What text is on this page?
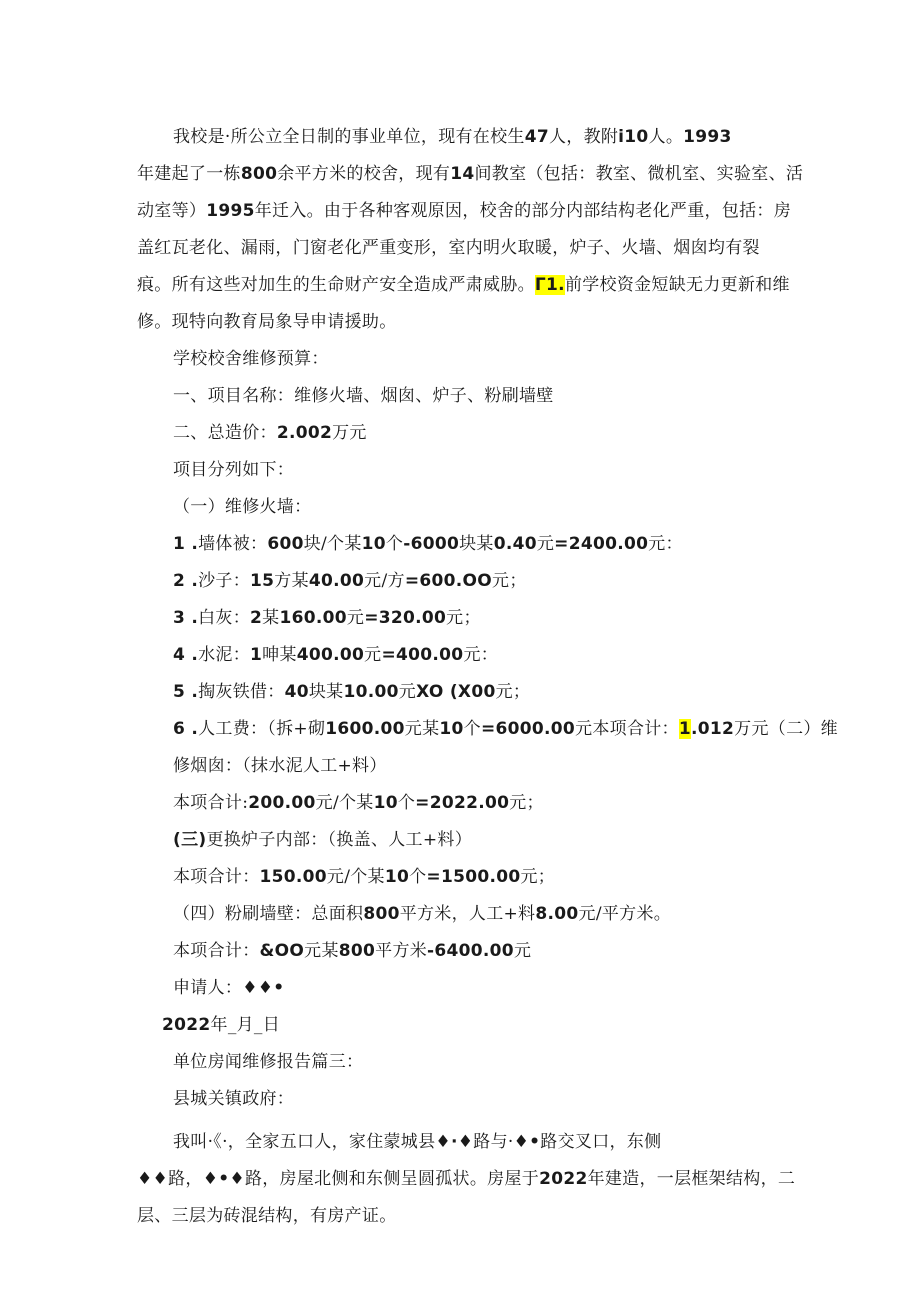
我校是·所公立全日制的事业单位，现有在校生47人，教附i10人。1993
年建起了一栋800余平方米的校舍，现有14间教室（包括：教室、微机室、实验室、活
动室等）1995年迁入。由于各种客观原因，校舍的部分内部结构老化严重，包括：房
盖红瓦老化、漏雨，门窗老化严重变形，室内明火取暖，炉子、火墙、烟囱均有裂
痕。所有这些对加生的生命财产安全造成严肃威胁。Γ1.前学校资金短缺无力更新和维
修。现特向教育局象导申请援助。
学校校舍维修预算：
一、项目名称：维修火墙、烟囱、炉子、粉刷墙壁
二、总造价：2.002万元
项目分列如下：
（一）维修火墙：
1 .墙体被：600块/个某10个-6000块某0.40元=2400.00元：
2 .沙子：15方某40.00元/方=600.OO元；
3 .白灰：2某160.00元=320.00元；
4 .水泥：1呻某400.00元=400.00元：
5 .掏灰铁借：40块某10.00元XO (X00元；
6 .人工费：（拆+砌1600.00元某10个=6000.00元本项合计：1.012万元（二）维
修烟囱：（抹水泥人工+料）
本项合计:200.00元/个某10个=2022.00元；
(三)更换炉子内部：（换盖、人工+料）
本项合计：150.00元/个某10个=1500.00元；
（四）粉刷墙壁：总面积800平方米，人工+料8.00元/平方米。
本项合计：&OO元某800平方米-6400.00元
申请人：♦♦•
2022年_月_日
单位房闻维修报告篇三：
县城关镇政府：
我叫·《·，全家五口人，家住蒙城县♦·♦路与·♦•路交叉口，东侧
♦♦路，♦•♦路，房屋北侧和东侧呈圆孤状。房屋于2022年建造，一层框架结构，二
层、三层为砖混结构，有房产证。
